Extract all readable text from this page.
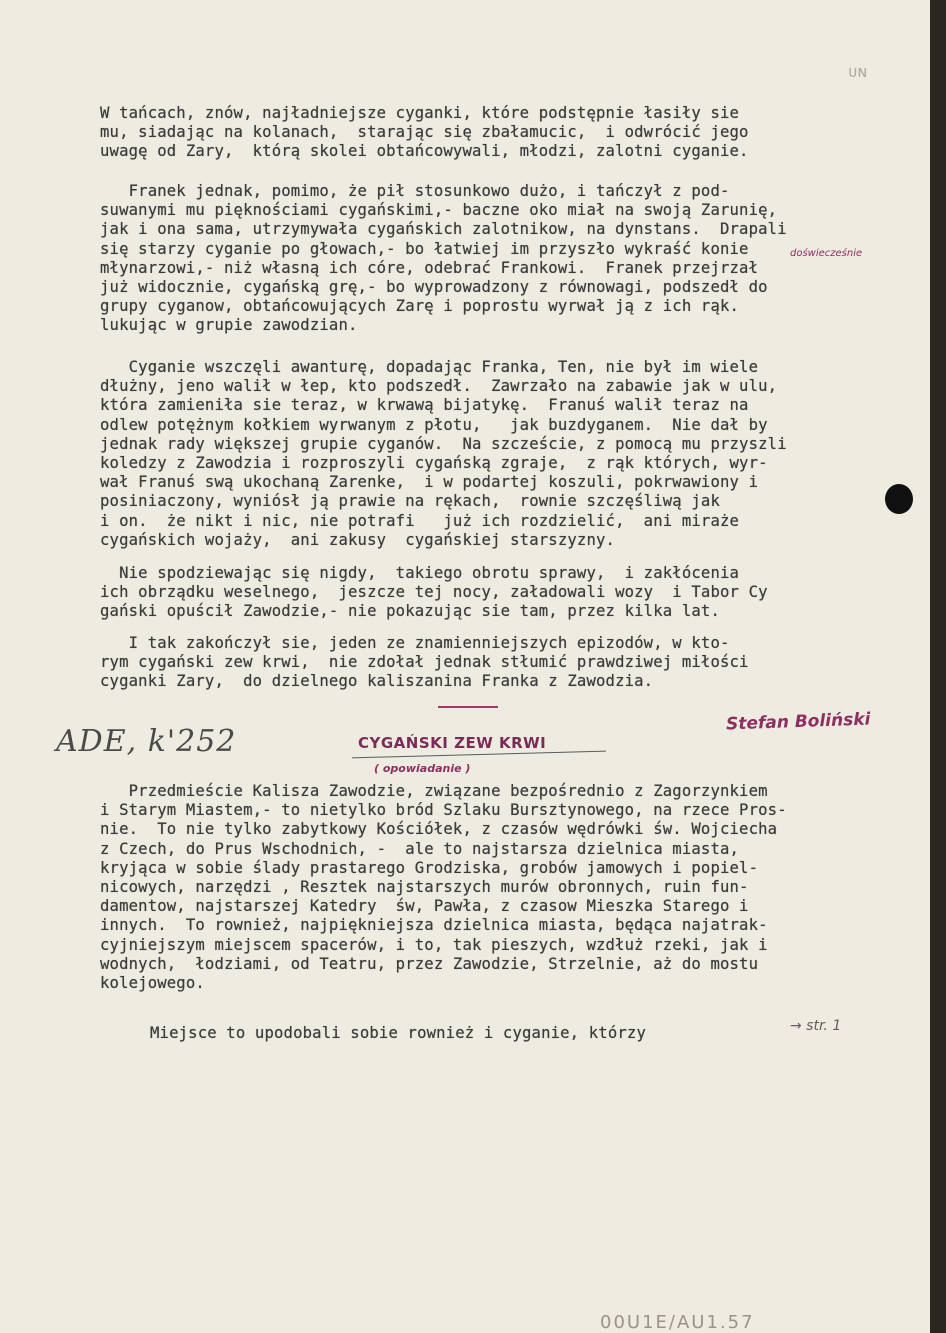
ᴜɴ
W tańcach, znów, najładniejsze cyganki, które podstępnie łasiły sie
mu, siadając na kolanach,  starając się zbałamucic,  i odwrócić jego
uwagę od Zary,  którą skolei obtańcowywali, młodzi, zalotni cyganie.
Franek jednak, pomimo, że pił stosunkowo dużo, i tańczył z pod-
suwanymi mu pięknościami cygańskimi,- baczne oko miał na swoją Zarunię,
jak i ona sama, utrzymywała cygańskich zalotnikow, na dynstans.  Drapali
się starzy cyganie po głowach,- bo łatwiej im przyszło wykraść konie
młynarzowi,- niż własną ich córe, odebrać Frankowi.  Franek przejrzał
już widocznie, cygańską grę,- bo wyprowadzony z równowagi, podszedł do
grupy cyganow, obtańcowujących Zarę i poprostu wyrwał ją z ich rąk.
lukując w grupie zawodzian.
doświecześnie
Cyganie wszczęli awanturę, dopadając Franka, Ten, nie był im wiele
dłużny, jeno walił w łep, kto podszedł.  Zawrzało na zabawie jak w ulu,
która zamieniła sie teraz, w krwawą bijatykę.  Franuś walił teraz na
odlew potężnym kołkiem wyrwanym z płotu,   jak buzdyganem.  Nie dał by
jednak rady większej grupie cyganów.  Na szczeście, z pomocą mu przyszli
koledzy z Zawodzia i rozproszyli cygańską zgraje,  z rąk których, wyr-
wał Franuś swą ukochaną Zarenke,  i w podartej koszuli, pokrwawiony i
posiniaczony, wyniósł ją prawie na rękach,  rownie szczęśliwą jak
i on.  że nikt i nic, nie potrafi   już ich rozdzielić,  ani miraże
cygańskich wojaży,  ani zakusy  cygańskiej starszyzny.
Nie spodziewając się nigdy,  takiego obrotu sprawy,  i zakłócenia
ich obrządku weselnego,  jeszcze tej nocy, załadowali wozy  i Tabor Cy
gański opuścił Zawodzie,- nie pokazując sie tam, przez kilka lat.
I tak zakończył sie, jeden ze znamienniejszych epizodów, w kto-
rym cygański zew krwi,  nie zdołał jednak stłumić prawdziwej miłości
cyganki Zary,  do dzielnego kaliszanina Franka z Zawodzia.
ADE, k'252
Stefan Boliński
CYGAŃSKI ZEW KRWI
( opowiadanie )
Przedmieście Kalisza Zawodzie, związane bezpośrednio z Zagorzynkiem
i Starym Miastem,- to nietylko bród Szlaku Bursztynowego, na rzece Pros-
nie.  To nie tylko zabytkowy Kościółek, z czasów wędrówki św. Wojciecha
z Czech, do Prus Wschodnich, -  ale to najstarsza dzielnica miasta,
kryjąca w sobie ślady prastarego Grodziska, grobów jamowych i popiel-
nicowych, narzędzi , Resztek najstarszych murów obronnych, ruin fun-
damentow, najstarszej Katedry  św, Pawła, z czasow Mieszka Starego i
innych.  To rownież, najpiękniejsza dzielnica miasta, będąca najatrak-
cyjniejszym miejscem spacerów, i to, tak pieszych, wzdłuż rzeki, jak i
wodnych,  łodziami, od Teatru, przez Zawodzie, Strzelnie, aż do mostu
kolejowego.
Miejsce to upodobali sobie rownież i cyganie, którzy	→ str. 1
00U1E/AU1.57
